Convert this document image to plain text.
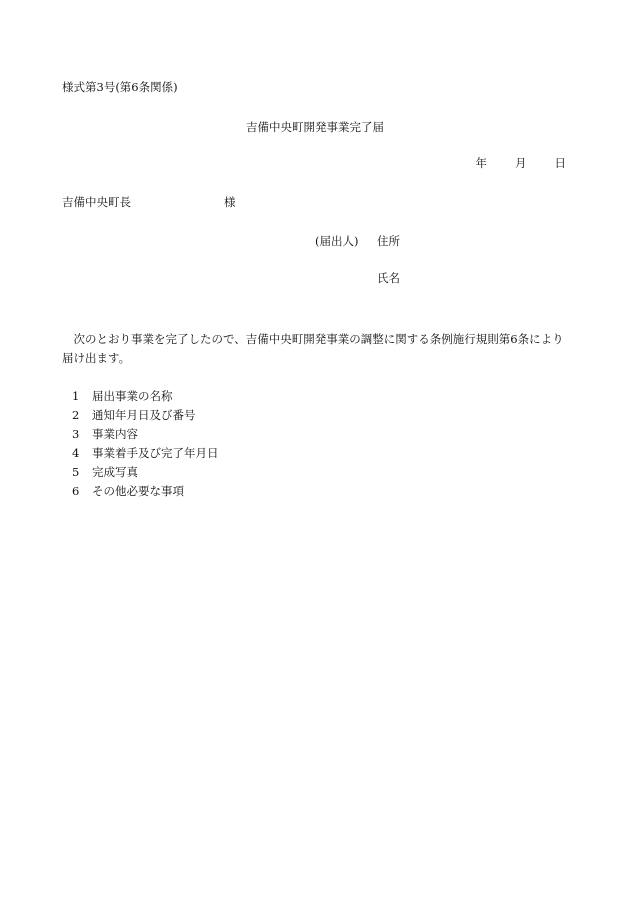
様式第3号(第6条関係)
吉備中央町開発事業完了届
年 月 日
吉備中央町長	様
(届出人) 住所
氏名
次のとおり事業を完了したので、吉備中央町開発事業の調整に関する条例施行規則第6条により届け出ます。
1 届出事業の名称
2 通知年月日及び番号
3 事業内容
4 事業着手及び完了年月日
5 完成写真
6 その他必要な事項
